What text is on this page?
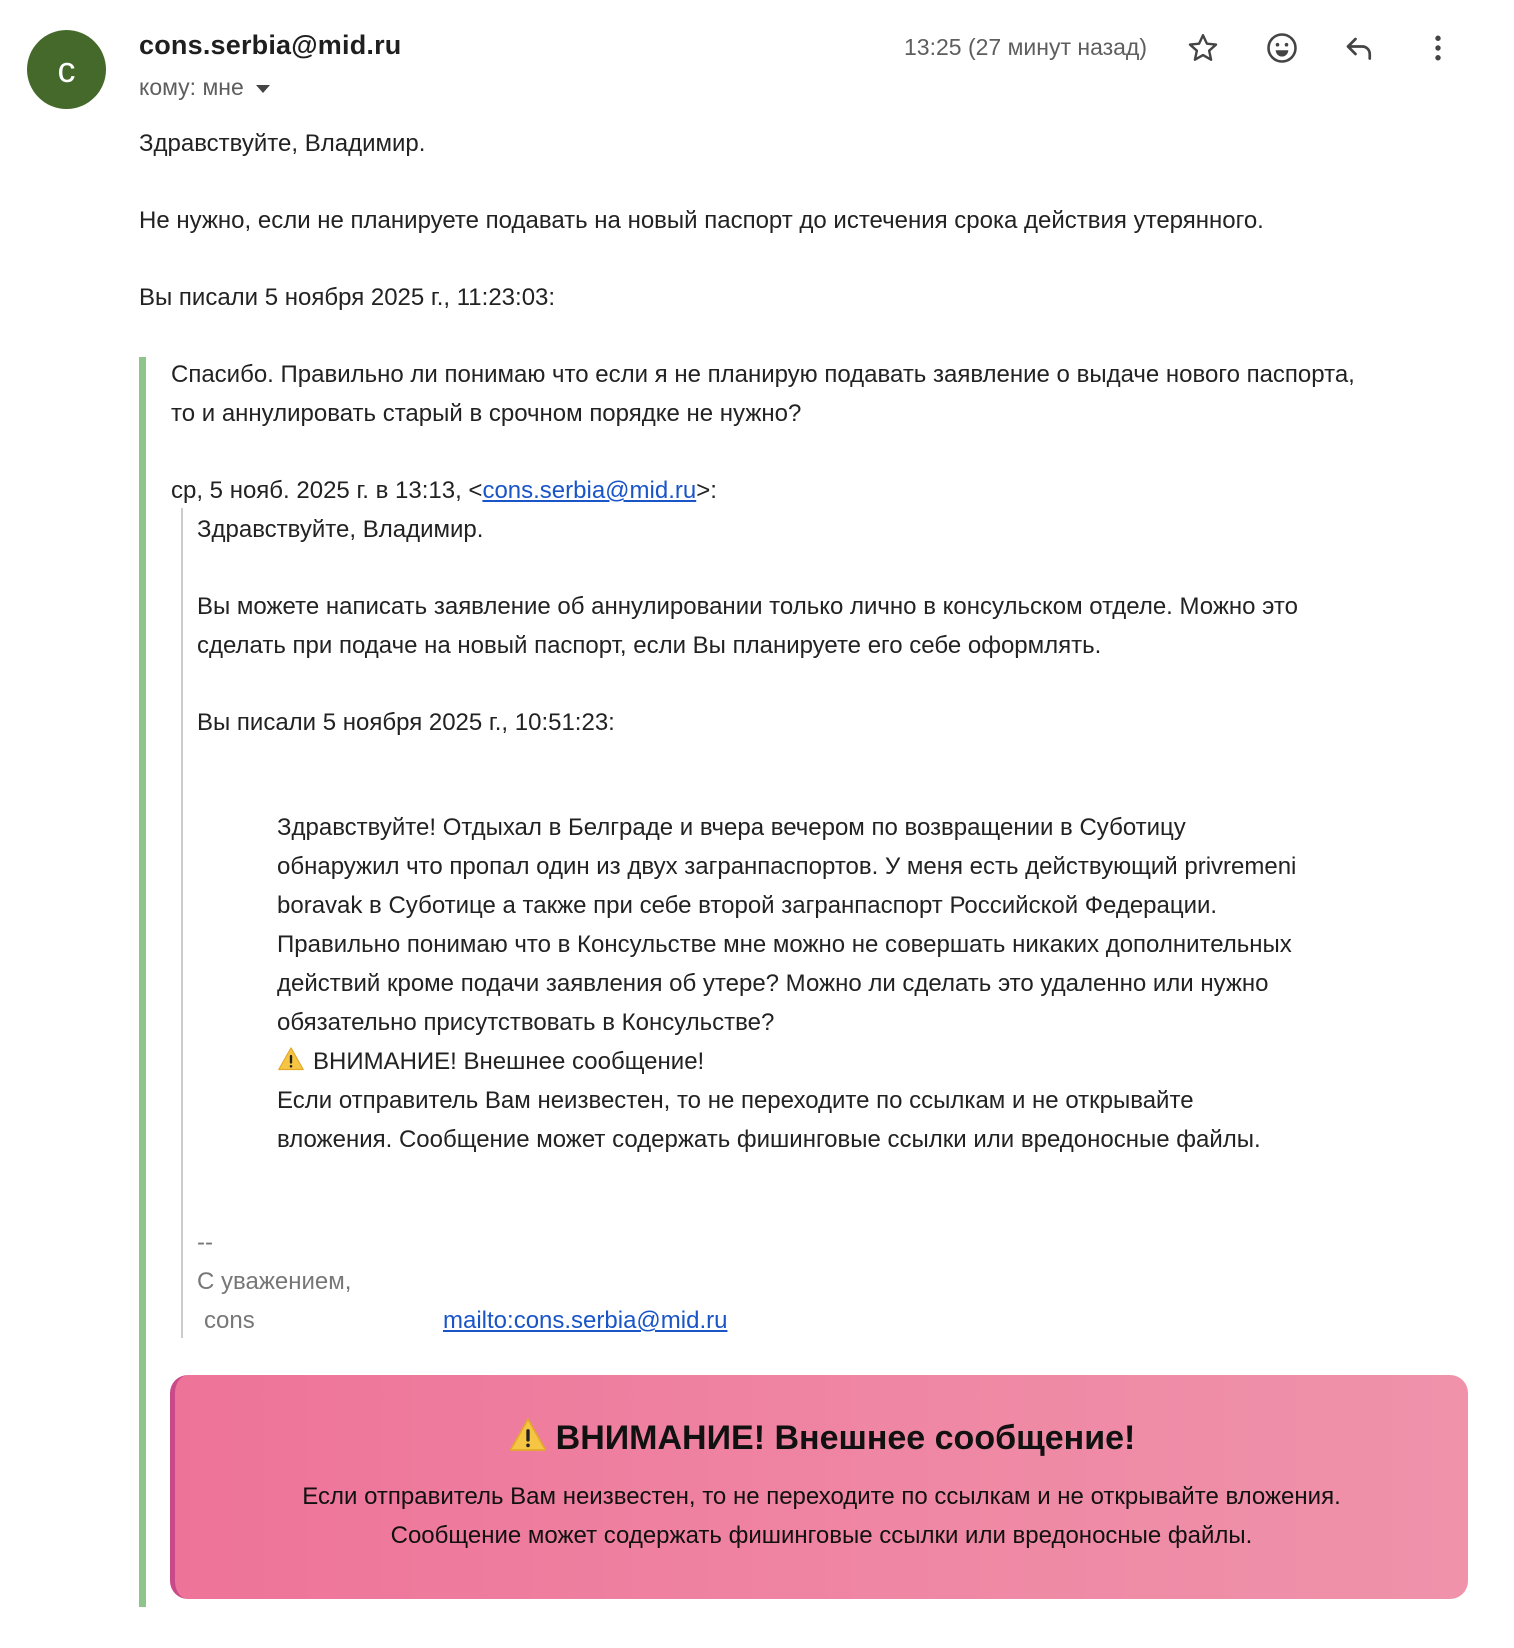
c
cons.serbia@mid.ru
кому: мне
13:25 (27 минут назад)
Здравствуйте, Владимир.
Не нужно, если не планируете подавать на новый паспорт до истечения срока действия утерянного.
Вы писали 5 ноября 2025 г., 11:23:03:
Спасибо. Правильно ли понимаю что если я не планирую подавать заявление о выдаче нового паспорта,
то и аннулировать старый в срочном порядке не нужно?
ср, 5 нояб. 2025 г. в 13:13, <cons.serbia@mid.ru>:
Здравствуйте, Владимир.
Вы можете написать заявление об аннулировании только лично в консульском отделе. Можно это
сделать при подаче на новый паспорт, если Вы планируете его себе оформлять.
Вы писали 5 ноября 2025 г., 10:51:23:
Здравствуйте! Отдыхал в Белграде и вчера вечером по возвращении в Суботицу
обнаружил что пропал один из двух загранпаспортов. У меня есть действующий privremeni
boravak в Суботице а также при себе второй загранпаспорт Российской Федерации.
Правильно понимаю что в Консульстве мне можно не совершать никаких дополнительных
действий кроме подачи заявления об утере? Можно ли сделать это удаленно или нужно
обязательно присутствовать в Консульстве?
ВНИМАНИЕ! Внешнее сообщение!
Если отправитель Вам неизвестен, то не переходите по ссылкам и не открывайте
вложения. Сообщение может содержать фишинговые ссылки или вредоносные файлы.
--
С уважением,
cons	mailto:cons.serbia@mid.ru
ВНИМАНИЕ! Внешнее сообщение!
Если отправитель Вам неизвестен, то не переходите по ссылкам и не открывайте вложения.
Сообщение может содержать фишинговые ссылки или вредоносные файлы.
